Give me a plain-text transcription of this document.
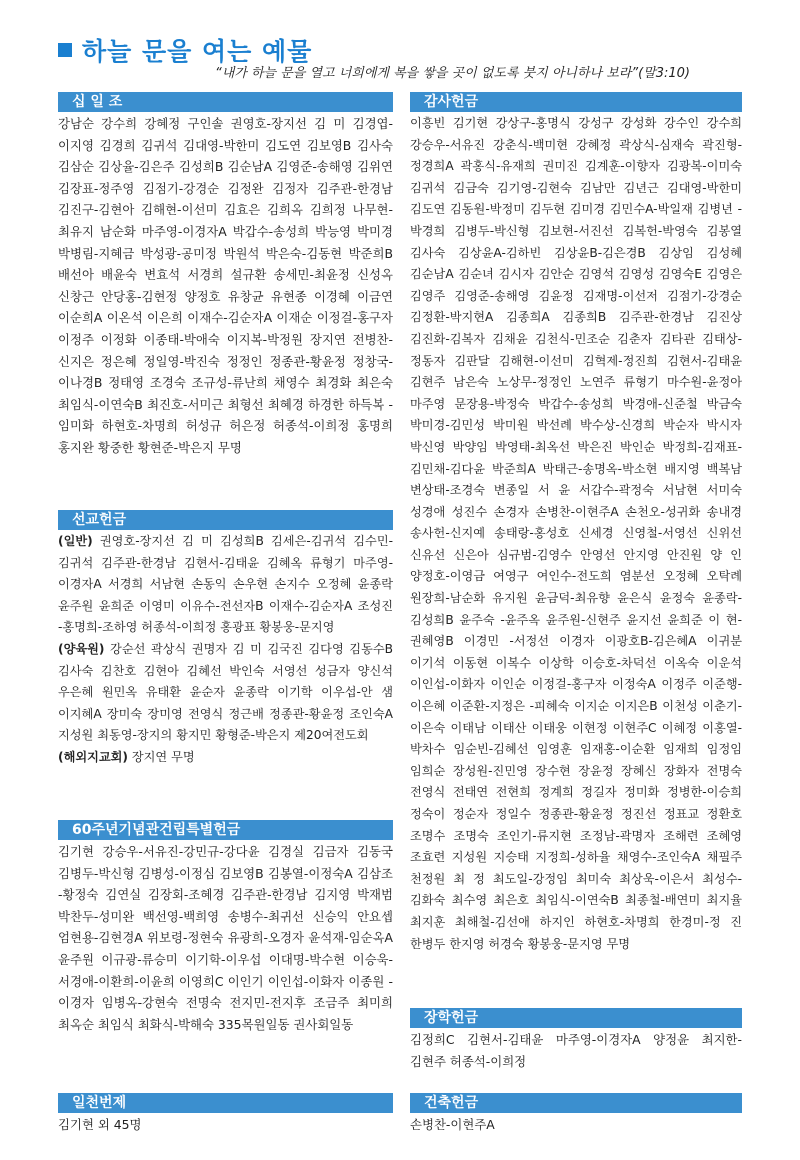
하늘 문을 여는 예물
“내가 하늘 문을 열고 너희에게 복을 쌓을 곳이 없도록 붓지 아니하나 보라”(말3:10)
십 일 조
강남순 강수희 강혜정 구인솔 권영호-장지선 김 미 김경엽-이지영 김경희 김귀석 김대영-박한미 김도연 김보영B 김사숙 김삼순 김상율-김은주 김성희B 김순남A 김영준-송해영 김위연 김장표-정주영 김점기-강경순 김정완 김정자 김주관-한경남 김진구-김현아 김해현-이선미 김효은 김희옥 김희정 나무현-최유지 남순화 마주영-이경자A 박갑수-송성희 박능영 박미경 박병림-지혜금 박성광-공미정 박원석 박은숙-김동현 박준희B 배선아 배윤숙 변효석 서경희 설규환 송세민-최윤정 신성옥 신창근 안당홍-김현정 양정호 유창균 유현종 이경혜 이금연 이순희A 이온석 이은희 이재수-김순자A 이재순 이정걸-홍구자 이정주 이정화 이종태-박애숙 이지복-박정원 장지연 전병찬-신지은 정은혜 정일영-박진숙 정정인 정종관-황윤정 정창국-이나경B 정태영 조경숙 조규성-류난희 채영수 최경화 최은숙 최임식-이연숙B 최진호-서미근 최형선 최혜경 하경한 하득복 -임미화 하현호-차명희 허성규 허은정 허종석-이희정 홍명희 홍지완 황중한 황현준-박은지 무명
선교헌금

(일반) 권영호-장지선 김 미 김성희B 김세은-김귀석 김수민-김귀석 김주관-한경남 김현서-김태윤 김혜옥 류형기 마주영-이경자A 서경희 서남현 손동익 손우현 손지수 오정혜 윤종락 윤주원 윤희준 이영미 이유수-전선자B 이재수-김순자A 조성진 -홍명희-조하영 허종석-이희정 홍광표 황봉웅-문지영

(양육원) 강순선 곽상식 권명자 김 미 김국진 김다영 김동수B 김사숙 김찬호 김현아 김혜선 박인숙 서영선 성금자 양신석 우은혜 원민옥 유태환 윤순자 윤종락 이기학 이우섭-안 샘 이지혜A 장미숙 장미영 전영식 정근배 정종관-황윤정 조인숙A 지성원 최동영-장지의 황지민 황형준-박은지 제20여전도회

(해외지교회) 장지연 무명

60주년기념관건립특별헌금
김기현 강승우-서유진-강민규-강다윤 김경실 김금자 김동국 김병두-박신형 김병성-이정심 김보영B 김봉열-이정숙A 김삼조 -황정숙 김연실 김장회-조혜경 김주관-한경남 김지영 박재범 박찬두-성미완 백선영-백희영 송병수-최귀선 신승익 안요셉 엄현용-김현경A 위보령-정현숙 유광희-오경자 윤석재-임순옥A 윤주원 이규광-류승미 이기학-이우섭 이대명-박수현 이승욱-서경애-이환희-이윤희 이영희C 이인기 이인섭-이화자 이종원 -이경자 임병옥-강현숙 전명숙 전지민-전지후 조금주 최미희 최옥순 최임식 최화식-박해숙 335목원일동 권사회일동
일천번제
김기현 외 45명
감사헌금
이흥빈 김기현 강상구-홍명식 강성구 강성화 강수인 강수희 강승우-서유진 강춘식-백미현 강혜정 곽상식-심재숙 곽진형-정경희A 곽홍식-유재희 권미진 김계훈-이향자 김광복-이미숙 김귀석 김금숙 김기영-김현숙 김남만 김년근 김대영-박한미 김도연 김동원-박정미 김두현 김미경 김민수A-박일재 김병년 -박경희 김병두-박신형 김보현-서진선 김복헌-박영숙 김봉열 김사숙 김상윤A-김하빈 김상윤B-김은경B 김상임 김성혜 김순남A 김순녀 김시자 김안순 김영석 김영성 김영숙E 김영은 김영주 김영준-송해영 김윤정 김재명-이선저 김점기-강경순 김정환-박지현A 김종희A 김종희B 김주관-한경남 김진상 김진화-김복자 김채윤 김천식-민조순 김춘자 김타관 김태상-정동자 김판달 김해현-이선미 김혁제-정진희 김현서-김태윤 김현주 남은숙 노상무-정정인 노연주 류형기 마수원-윤정아 마주영 문장용-박정숙 박갑수-송성희 박경애-신준철 박금숙 박미경-김민성 박미원 박선례 박수상-신경희 박순자 박시자 박신영 박양임 박영태-최옥선 박은진 박인순 박정희-김재표-김민채-김다윤 박준희A 박태근-송명옥-박소현 배지영 백복남 변상태-조경숙 변종일 서 윤 서갑수-곽정숙 서남현 서미숙 성경애 성진수 손경자 손병찬-이현주A 손천오-성귀화 송내경 송사헌-신지예 송태랑-홍성호 신세경 신영철-서영선 신위선 신유선 신은아 심규범-김영수 안영선 안지영 안진원 양 인 양정호-이영금 여영구 여인수-전도희 염분선 오정혜 오탁례 원장희-남순화 유지원 윤금덕-최유향 윤은식 윤정숙 윤종락-김성희B 윤주숙 -윤주옥 윤주원-신현주 윤지선 윤희준 이 현-권혜영B 이경민 -서정선 이경자 이광호B-김은혜A 이귀분 이기석 이동현 이복수 이상학 이승호-차덕선 이옥숙 이운석 이인섭-이화자 이인순 이정걸-홍구자 이정숙A 이정주 이준행-이은혜 이준환-지정은 -피혜숙 이지순 이지은B 이천성 이춘기-이은숙 이태남 이태산 이태웅 이현정 이현주C 이혜정 이홍열-박차수 임순빈-김혜선 임영훈 임재홍-이순환 임재희 임정임 임희순 장성원-진민영 장수현 장윤정 장혜신 장화자 전명숙 전영식 전태연 전현희 정계희 정길자 정미화 정병한-이승희 정숙이 정순자 정일수 정종관-황윤정 정진선 정표교 정환호 조명수 조명숙 조인기-류지현 조정남-곽명자 조해련 조혜영 조효련 지성원 지승태 지정희-성하율 채영수-조인숙A 채필주 천정원 최 정 최도일-강정임 최미숙 최상욱-이은서 최성수-김화숙 최수영 최은호 최임식-이연숙B 최종철-배연미 최지율 최지훈 최해철-김선애 하지인 하현호-차명희 한경미-정 진 한병두 한지영 허경숙 황봉웅-문지영 무명
장학헌금
김정희C 김현서-김태윤 마주영-이경자A 양정윤 최지한-김현주 허종석-이희정
건축헌금
손병찬-이현주A
